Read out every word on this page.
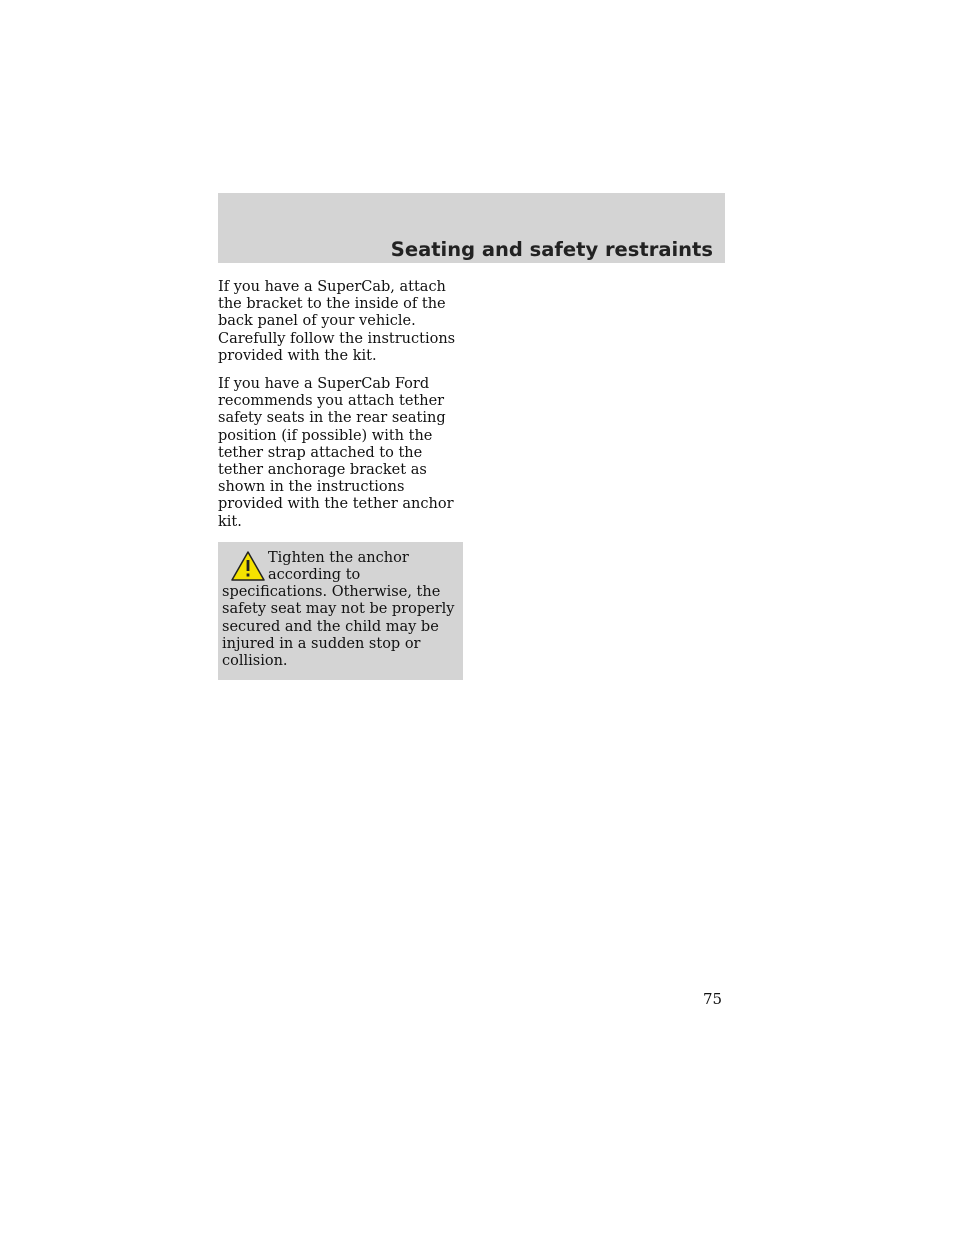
Seating and safety restraints

If you have a SuperCab, attach the bracket to the inside of the back panel of your vehicle. Carefully follow the instructions provided with the kit.

If you have a SuperCab Ford recommends you attach tether safety seats in the rear seating position (if possible) with the tether strap attached to the tether anchorage bracket as shown in the instructions provided with the tether anchor kit.

Tighten the anchor according to specifications. Otherwise, the safety seat may not be properly secured and the child may be injured in a sudden stop or collision.

75
